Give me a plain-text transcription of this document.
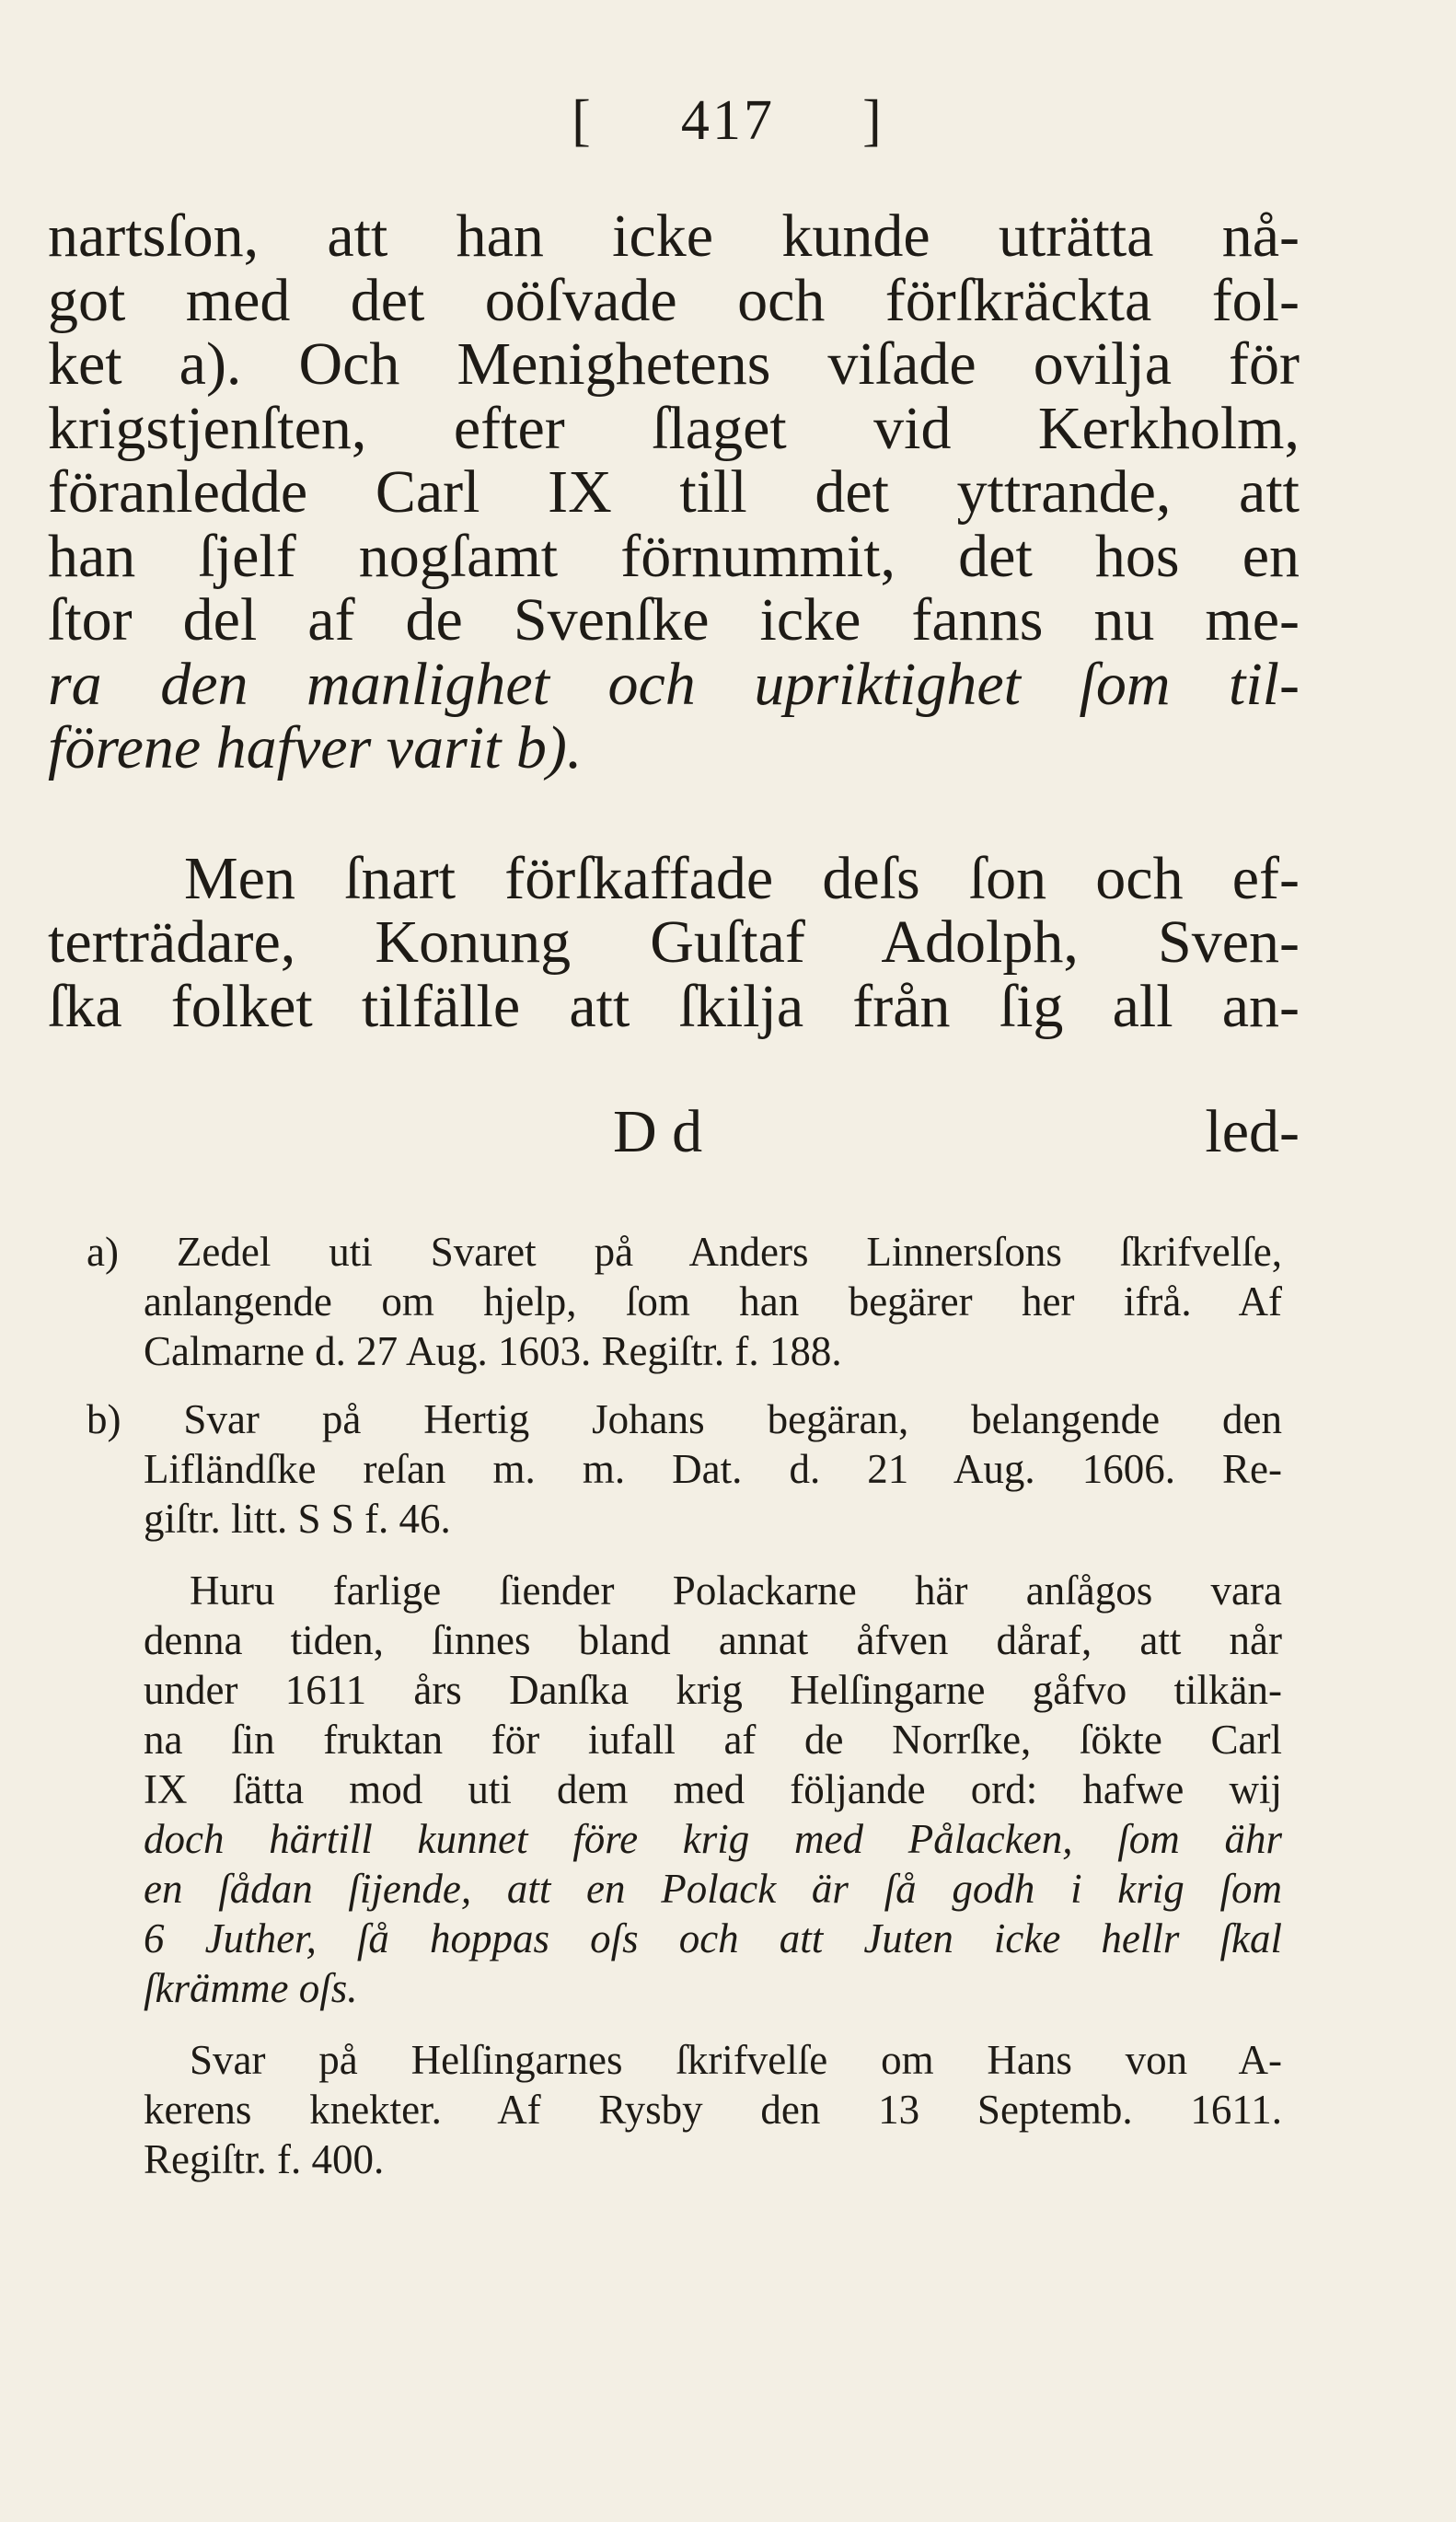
[ 417 ]
nartsſon, att han icke kunde uträtta nå-
got med det oöſvade och förſkräckta fol-
ket a). Och Menighetens viſade ovilja för
krigstjenſten, efter ſlaget vid Kerkholm,
föranledde Carl IX till det yttrande, att
han ſjelf nogſamt förnummit, det hos en
ſtor del af de Svenſke icke fanns nu me-
ra den manlighet och upriktighet ſom til-
förene hafver varit b).
Men ſnart förſkaffade deſs ſon och ef-
terträdare, Konung Guſtaf Adolph, Sven-
ſka folket tilfälle att ſkilja från ſig all an-
D d	led-
a) Zedel uti Svaret på Anders Linnersſons ſkrifvelſe,
anlangende om hjelp, ſom han begärer her ifrå. Af
Calmarne d. 27 Aug. 1603. Regiſtr. f. 188.
b) Svar på Hertig Johans begäran, belangende den
Lifländſke reſan m. m. Dat. d. 21 Aug. 1606. Re-
giſtr. litt. S S f. 46.
Huru farlige ſiender Polackarne här anſågos vara
denna tiden, ſinnes bland annat åfven dåraf, att når
under 1611 års Danſka krig Helſingarne gåfvo tilkän-
na ſin fruktan för iufall af de Norrſke, ſökte Carl
IX ſätta mod uti dem med följande ord: hafwe wij
doch härtill kunnet före krig med Pålacken, ſom ähr
en ſådan ſijende, att en Polack är ſå godh i krig ſom
6 Juther, ſå hoppas oſs och att Juten icke hellr ſkal
ſkrämme oſs.
Svar på Helſingarnes ſkrifvelſe om Hans von A-
kerens knekter. Af Rysby den 13 Septemb. 1611.
Regiſtr. f. 400.
